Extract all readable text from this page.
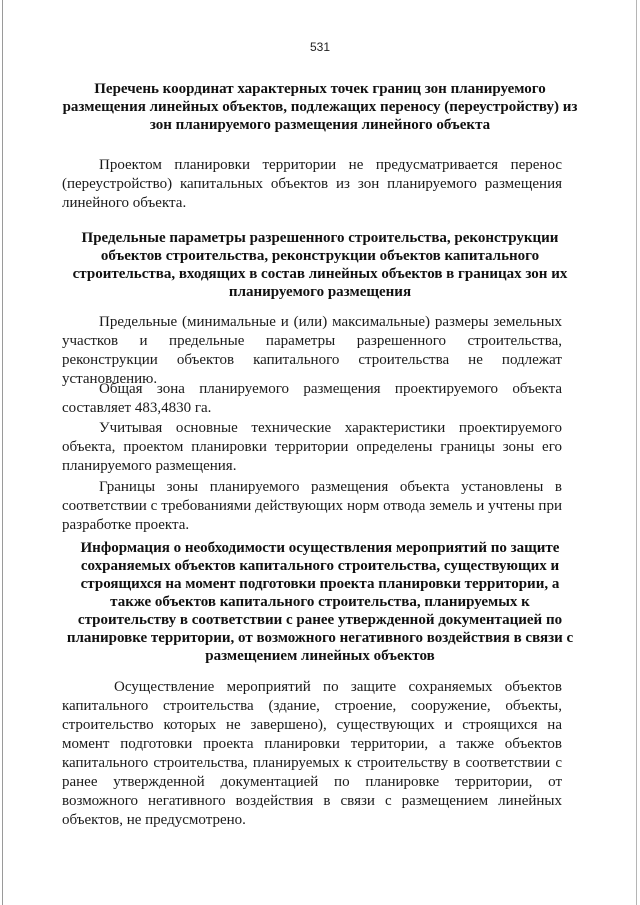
531
Перечень координат характерных точек границ зон планируемого размещения линейных объектов, подлежащих переносу (переустройству) из зон планируемого размещения линейного объекта
Проектом планировки территории не предусматривается перенос (переустройство) капитальных объектов из зон планируемого размещения линейного объекта.
Предельные параметры разрешенного строительства, реконструкции объектов строительства, реконструкции объектов капитального строительства, входящих в состав линейных объектов в границах зон их планируемого размещения
Предельные (минимальные и (или) максимальные) размеры земельных участков и предельные параметры разрешенного строительства, реконструкции объектов капитального строительства не подлежат установлению.
Общая зона планируемого размещения проектируемого объекта составляет 483,4830 га.
Учитывая основные технические характеристики проектируемого объекта, проектом планировки территории определены границы зоны его планируемого размещения.
Границы зоны планируемого размещения объекта установлены в соответствии с требованиями действующих норм отвода земель и учтены при разработке проекта.
Информация о необходимости осуществления мероприятий по защите сохраняемых объектов капитального строительства, существующих и строящихся на момент подготовки проекта планировки территории, а также объектов капитального строительства, планируемых к строительству в соответствии с ранее утвержденной документацией по планировке территории, от возможного негативного воздействия в связи с размещением линейных объектов
Осуществление мероприятий по защите сохраняемых объектов капитального строительства (здание, строение, сооружение, объекты, строительство которых не завершено), существующих и строящихся на момент подготовки проекта планировки территории, а также объектов капитального строительства, планируемых к строительству в соответствии с ранее утвержденной документацией по планировке территории, от возможного негативного воздействия в связи с размещением линейных объектов, не предусмотрено.
